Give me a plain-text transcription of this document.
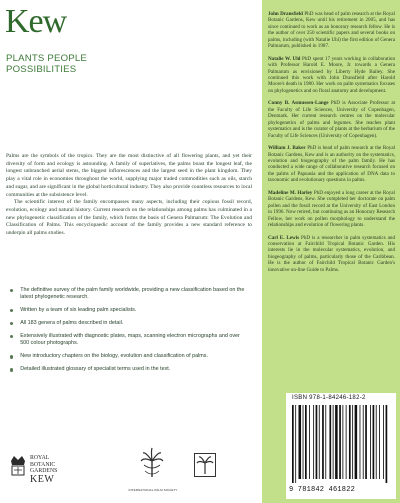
Kew
PLANTS PEOPLE
POSSIBILITIES

Palms are the symbols of the tropics. They are the most distinctive of all flowering plants, and yet their diversity of form and ecology is astounding. A family of superlatives, the palms boast the longest leaf, the longest unbranched aerial stems, the biggest inflorescences and the largest seed in the plant kingdom. They play a vital role in economies throughout the world, supplying major traded commodities such as oils, starch and sugar, and are significant in the global horticultural industry. They also provide countless resources to local communities at the subsistence level.

The scientific interest of the family encompasses many aspects, including their copious fossil record, evolution, ecology and natural history. Current research on the relationships among palms has culminated in a new phylogenetic classification of the family, which forms the basis of Genera Palmarum: The Evolution and Classification of Palms. This encyclopaedic account of the family provides a new standard reference to underpin all palms studies.

The definitive survey of the palm family worldwide, providing a new classification based on the latest phylogenetic research.
Written by a team of six leading palm specialists.
All 183 genera of palms described in detail.
Extensively illustrated with diagnostic plates, maps, scanning electron micrographs and over 500 colour photographs.
New introductory chapters on the biology, evolution and classification of palms.
Detailed illustrated glossary of specialist terms used in the text.
ROYAL
BOTANIC
GARDENS
KEW
INTERNATIONAL PALM SOCIETY

John Dransfield PhD was head of palm research at the Royal Botanic Gardens, Kew until his retirement in 2005, and has since continued to work as an honorary research fellow. He is the author of over 250 scientific papers and several books on palms, including (with Natalie Uhl) the first edition of Genera Palmarum, published in 1987.

Natalie W. Uhl PhD spent 17 years working in collaboration with Professor Harold E. Moore, Jr. towards a Genera Palmarum as envisioned by Liberty Hyde Bailey. She continued this work with John Dransfield after Harold Moore's death in 1980. Her work on palm systematics focuses on phylogenetics and on floral anatomy and development.

Conny B. Asmussen-Lange PhD is Associate Professor at the Faculty of Life Sciences, University of Copenhagen, Denmark. Her current research centres on the molecular phylogenetics of palms and legumes. She teaches plant systematics and is the curator of plants at the herbarium of the Faculty of Life Sciences (University of Copenhagen).

William J. Baker PhD is head of palm research at the Royal Botanic Gardens, Kew and is an authority on the systematics, evolution and biogeography of the palm family. He has conducted a wide range of collaborative research focused on the palms of Papuasia and the application of DNA data to taxonomic and evolutionary questions in palms.

Madeline M. Harley PhD enjoyed a long career at the Royal Botanic Gardens, Kew. She completed her doctorate on palm pollen and the fossil record at the University of East London in 1996. Now retired, but continuing as an Honorary Research Fellow, her work on pollen morphology to understand the relationships and evolution of flowering plants.

Carl E. Lewis PhD is a researcher in palm systematics and conservation at Fairchild Tropical Botanic Garden. His interests lie in the molecular systematics, evolution, and biogeography of palms, particularly those of the Caribbean. He is the author of Fairchild Tropical Botanic Garden's innovative on-line Guide to Palms.

ISBN 978-1-84246-182-2
9 781842 461822
